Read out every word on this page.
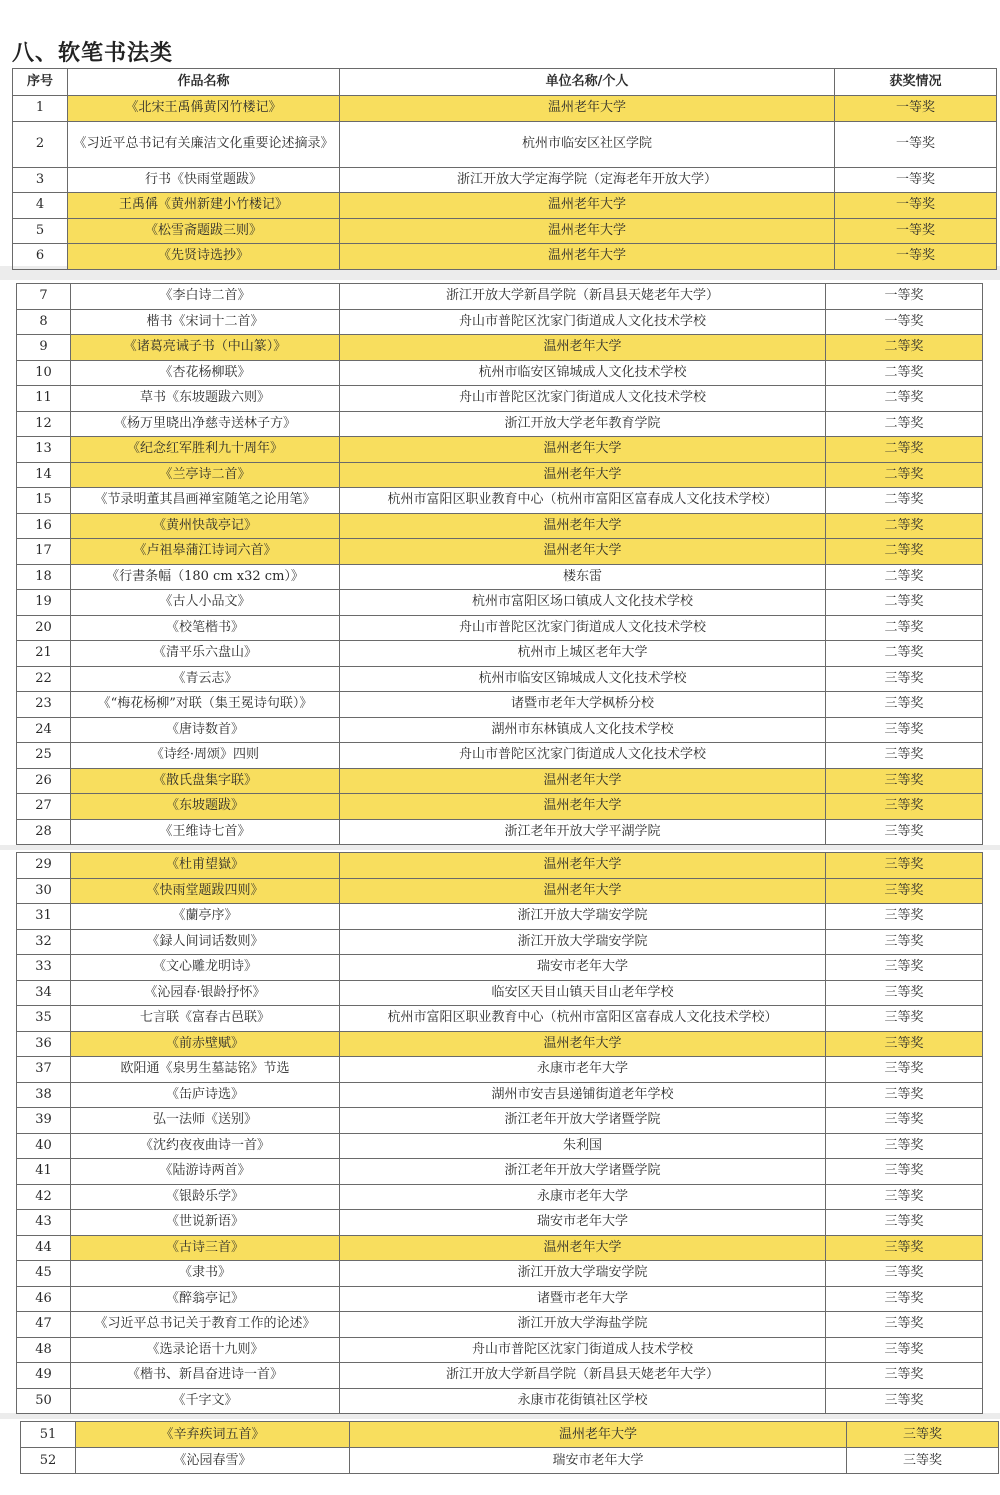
八、软笔书法类
序号	作品名称	单位名称/个人	获奖情况
1	《北宋王禹偁黄冈竹楼记》	温州老年大学	一等奖
2	《习近平总书记有关廉洁文化重要论述摘录》	杭州市临安区社区学院	一等奖
3	行书《快雨堂题跋》	浙江开放大学定海学院（定海老年开放大学）	一等奖
4	王禹偁《黄州新建小竹楼记》	温州老年大学	一等奖
5	《松雪斋题跋三则》	温州老年大学	一等奖
6	《先贤诗选抄》	温州老年大学	一等奖
7	《李白诗二首》	浙江开放大学新昌学院（新昌县天姥老年大学）	一等奖
8	楷书《宋词十二首》	舟山市普陀区沈家门街道成人文化技术学校	一等奖
9	《诸葛亮诫子书（中山篆）》	温州老年大学	二等奖
10	《杏花杨柳联》	杭州市临安区锦城成人文化技术学校	二等奖
11	草书《东坡题跋六则》	舟山市普陀区沈家门街道成人文化技术学校	二等奖
12	《杨万里晓出净慈寺送林子方》	浙江开放大学老年教育学院	二等奖
13	《纪念红军胜利九十周年》	温州老年大学	二等奖
14	《兰亭诗二首》	温州老年大学	二等奖
15	《节录明董其昌画禅室随笔之论用笔》	杭州市富阳区职业教育中心（杭州市富阳区富春成人文化技术学校）	二等奖
16	《黄州快哉亭记》	温州老年大学	二等奖
17	《卢祖皋蒲江诗词六首》	温州老年大学	二等奖
18	《行書条幅（180 cm x32 cm）》	楼东雷	二等奖
19	《古人小品文》	杭州市富阳区场口镇成人文化技术学校	二等奖
20	《校笔楷书》	舟山市普陀区沈家门街道成人文化技术学校	二等奖
21	《清平乐六盘山》	杭州市上城区老年大学	二等奖
22	《青云志》	杭州市临安区锦城成人文化技术学校	三等奖
23	《“梅花杨柳”对联（集王冕诗句联）》	诸暨市老年大学枫桥分校	三等奖
24	《唐诗数首》	湖州市东林镇成人文化技术学校	三等奖
25	《诗经·周颂》四则	舟山市普陀区沈家门街道成人文化技术学校	三等奖
26	《散氏盘集字联》	温州老年大学	三等奖
27	《东坡题跋》	温州老年大学	三等奖
28	《王维诗七首》	浙江老年开放大学平湖学院	三等奖
29	《杜甫望嶽》	温州老年大学	三等奖
30	《快雨堂题跋四则》	温州老年大学	三等奖
31	《蘭亭序》	浙江开放大学瑞安学院	三等奖
32	《録人间词话数则》	浙江开放大学瑞安学院	三等奖
33	《文心雕龙明诗》	瑞安市老年大学	三等奖
34	《沁园春·银龄抒怀》	临安区天目山镇天目山老年学校	三等奖
35	七言联《富春古邑联》	杭州市富阳区职业教育中心（杭州市富阳区富春成人文化技术学校）	三等奖
36	《前赤壁赋》	温州老年大学	三等奖
37	欧阳通《泉男生墓誌铭》节选	永康市老年大学	三等奖
38	《缶庐诗选》	湖州市安吉县递铺街道老年学校	三等奖
39	弘一法师《送别》	浙江老年开放大学诸暨学院	三等奖
40	《沈约夜夜曲诗一首》	朱利国	三等奖
41	《陆游诗两首》	浙江老年开放大学诸暨学院	三等奖
42	《银龄乐学》	永康市老年大学	三等奖
43	《世说新语》	瑞安市老年大学	三等奖
44	《古诗三首》	温州老年大学	三等奖
45	《隶书》	浙江开放大学瑞安学院	三等奖
46	《醉翁亭记》	诸暨市老年大学	三等奖
47	《习近平总书记关于教育工作的论述》	浙江开放大学海盐学院	三等奖
48	《选录论语十九则》	舟山市普陀区沈家门街道成人技术学校	三等奖
49	《楷书、新昌奋进诗一首》	浙江开放大学新昌学院（新昌县天姥老年大学）	三等奖
50	《千字文》	永康市花街镇社区学校	三等奖
51	《辛弃疾词五首》	温州老年大学	三等奖
52	《沁园春雪》	瑞安市老年大学	三等奖
